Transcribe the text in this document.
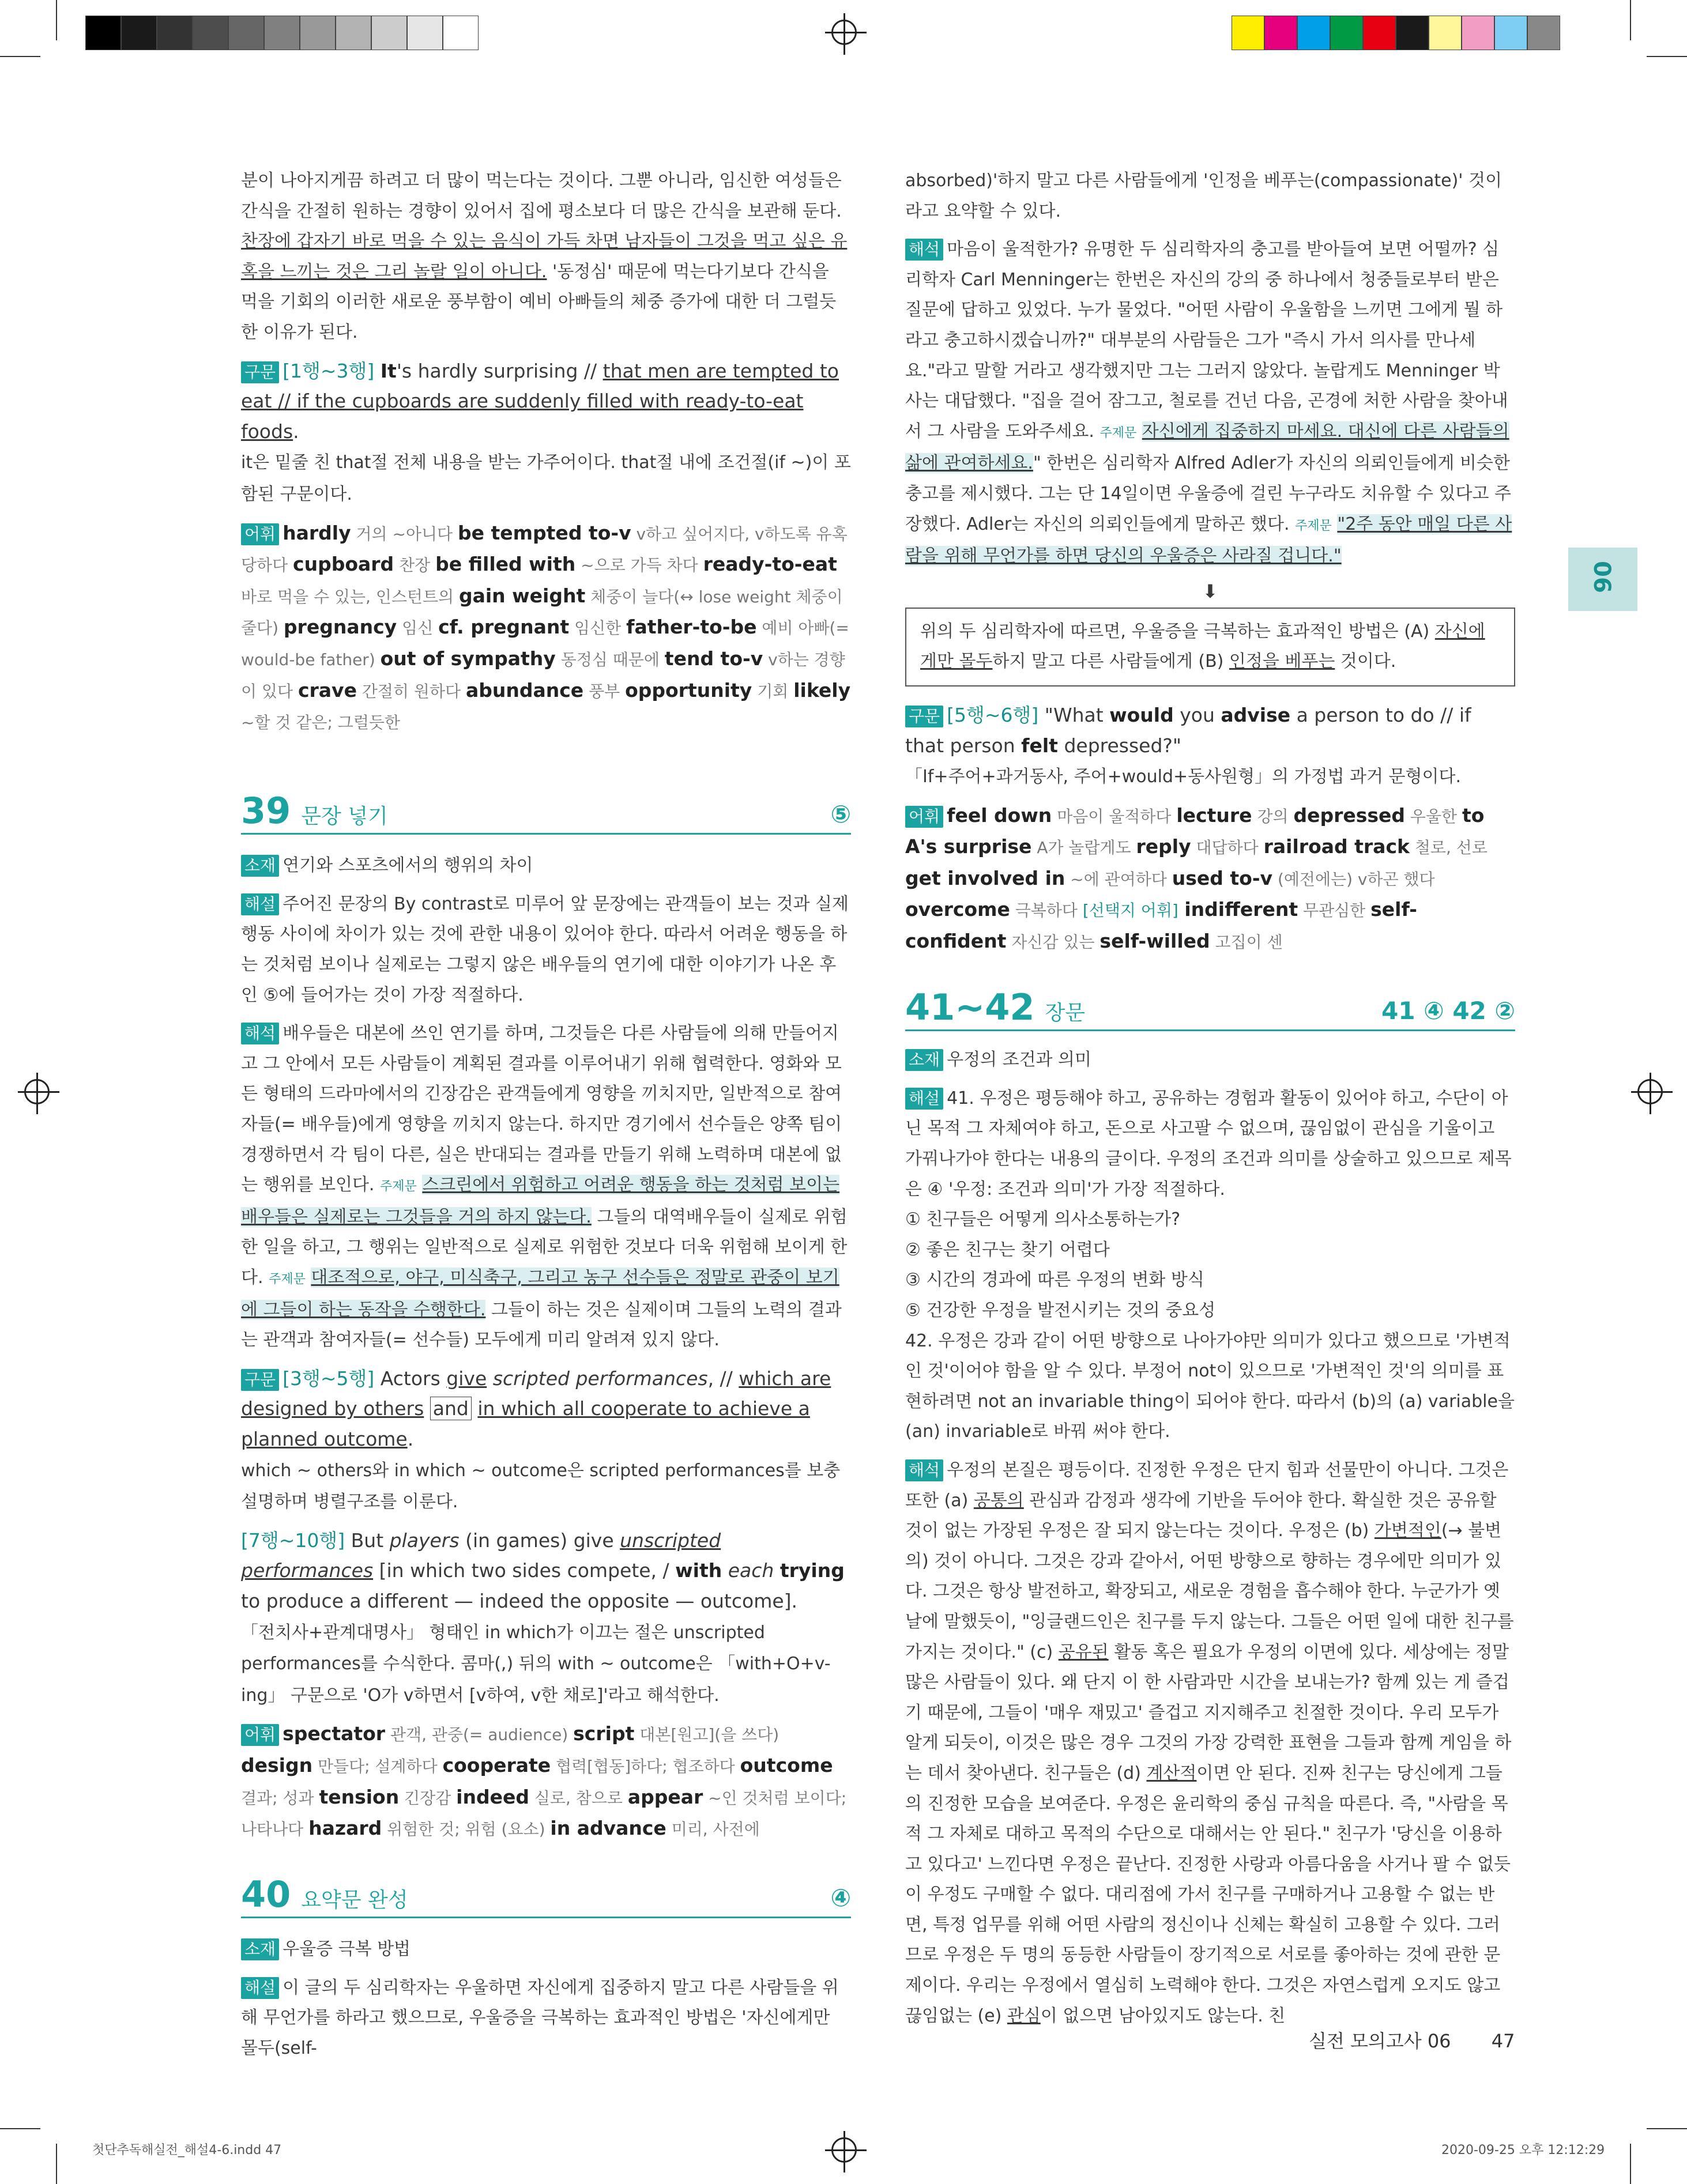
06

분이 나아지게끔 하려고 더 많이 먹는다는 것이다. 그뿐 아니라, 임신한 여성들은 간식을 간절히 원하는 경향이 있어서 집에 평소보다 더 많은 간식을 보관해 둔다. 찬장에 갑자기 바로 먹을 수 있는 음식이 가득 차면 남자들이 그것을 먹고 싶은 유혹을 느끼는 것은 그리 놀랄 일이 아니다. '동정심' 때문에 먹는다기보다 간식을 먹을 기회의 이러한 새로운 풍부함이 예비 아빠들의 체중 증가에 대한 더 그럴듯한 이유가 된다.

구문 [1행~3행] It's hardly surprising // that men are tempted to eat // if the cupboards are suddenly filled with ready-to-eat foods.
it은 밑줄 친 that절 전체 내용을 받는 가주어이다. that절 내에 조건절(if ~)이 포함된 구문이다.

어휘 hardly 거의 ~아니다 be tempted to-v v하고 싶어지다, v하도록 유혹당하다 cupboard 찬장 be filled with ~으로 가득 차다 ready-to-eat 바로 먹을 수 있는, 인스턴트의 gain weight 체중이 늘다(↔ lose weight 체중이 줄다) pregnancy 임신 cf. pregnant 임신한 father-to-be 예비 아빠(= would-be father) out of sympathy 동정심 때문에 tend to-v v하는 경향이 있다 crave 간절히 원하다 abundance 풍부 opportunity 기회 likely ~할 것 같은; 그럴듯한

39 문장 넣기	⑤

소재 연기와 스포츠에서의 행위의 차이

해설 주어진 문장의 By contrast로 미루어 앞 문장에는 관객들이 보는 것과 실제 행동 사이에 차이가 있는 것에 관한 내용이 있어야 한다. 따라서 어려운 행동을 하는 것처럼 보이나 실제로는 그렇지 않은 배우들의 연기에 대한 이야기가 나온 후인 ⑤에 들어가는 것이 가장 적절하다.

해석 배우들은 대본에 쓰인 연기를 하며, 그것들은 다른 사람들에 의해 만들어지고 그 안에서 모든 사람들이 계획된 결과를 이루어내기 위해 협력한다. 영화와 모든 형태의 드라마에서의 긴장감은 관객들에게 영향을 끼치지만, 일반적으로 참여자들(= 배우들)에게 영향을 끼치지 않는다. 하지만 경기에서 선수들은 양쪽 팀이 경쟁하면서 각 팀이 다른, 실은 반대되는 결과를 만들기 위해 노력하며 대본에 없는 행위를 보인다. 주제문 스크린에서 위험하고 어려운 행동을 하는 것처럼 보이는 배우들은 실제로는 그것들을 거의 하지 않는다. 그들의 대역배우들이 실제로 위험한 일을 하고, 그 행위는 일반적으로 실제로 위험한 것보다 더욱 위험해 보이게 한다. 주제문 대조적으로, 야구, 미식축구, 그리고 농구 선수들은 정말로 관중이 보기에 그들이 하는 동작을 수행한다. 그들이 하는 것은 실제이며 그들의 노력의 결과는 관객과 참여자들(= 선수들) 모두에게 미리 알려져 있지 않다.

구문 [3행~5행] Actors give scripted performances, // which are designed by others and in which all cooperate to achieve a planned outcome.
which ~ others와 in which ~ outcome은 scripted performances를 보충 설명하며 병렬구조를 이룬다.

[7행~10행] But players (in games) give unscripted performances [in which two sides compete, / with each trying to produce a different — indeed the opposite — outcome].
「전치사+관계대명사」 형태인 in which가 이끄는 절은 unscripted performances를 수식한다. 콤마(,) 뒤의 with ~ outcome은 「with+O+v-ing」 구문으로 'O가 v하면서 [v하여, v한 채로]'라고 해석한다.

어휘 spectator 관객, 관중(= audience) script 대본[원고](을 쓰다) design 만들다; 설계하다 cooperate 협력[협동]하다; 협조하다 outcome 결과; 성과 tension 긴장감 indeed 실로, 참으로 appear ~인 것처럼 보이다; 나타나다 hazard 위험한 것; 위험 (요소) in advance 미리, 사전에

40 요약문 완성	④

소재 우울증 극복 방법

해설 이 글의 두 심리학자는 우울하면 자신에게 집중하지 말고 다른 사람들을 위해 무언가를 하라고 했으므로, 우울증을 극복하는 효과적인 방법은 '자신에게만 몰두(self-

absorbed)'하지 말고 다른 사람들에게 '인정을 베푸는(compassionate)' 것이라고 요약할 수 있다.

해석 마음이 울적한가? 유명한 두 심리학자의 충고를 받아들여 보면 어떨까? 심리학자 Carl Menninger는 한번은 자신의 강의 중 하나에서 청중들로부터 받은 질문에 답하고 있었다. 누가 물었다. "어떤 사람이 우울함을 느끼면 그에게 뭘 하라고 충고하시겠습니까?" 대부분의 사람들은 그가 "즉시 가서 의사를 만나세요."라고 말할 거라고 생각했지만 그는 그러지 않았다. 놀랍게도 Menninger 박사는 대답했다. "집을 걸어 잠그고, 철로를 건넌 다음, 곤경에 처한 사람을 찾아내서 그 사람을 도와주세요. 주제문 자신에게 집중하지 마세요. 대신에 다른 사람들의 삶에 관여하세요." 한번은 심리학자 Alfred Adler가 자신의 의뢰인들에게 비슷한 충고를 제시했다. 그는 단 14일이면 우울증에 걸린 누구라도 치유할 수 있다고 주장했다. Adler는 자신의 의뢰인들에게 말하곤 했다. 주제문 "2주 동안 매일 다른 사람을 위해 무언가를 하면 당신의 우울증은 사라질 겁니다."

⬇
위의 두 심리학자에 따르면, 우울증을 극복하는 효과적인 방법은 (A) 자신에게만 몰두하지 말고 다른 사람들에게 (B) 인정을 베푸는 것이다.

구문 [5행~6행] "What would you advise a person to do // if that person felt depressed?"
「If+주어+과거동사, 주어+would+동사원형」의 가정법 과거 문형이다.

어휘 feel down 마음이 울적하다 lecture 강의 depressed 우울한 to A's surprise A가 놀랍게도 reply 대답하다 railroad track 철로, 선로 get involved in ~에 관여하다 used to-v (예전에는) v하곤 했다 overcome 극복하다 [선택지 어휘] indifferent 무관심한 self-confident 자신감 있는 self-willed 고집이 센

41~42 장문	41 ④ 42 ②

소재 우정의 조건과 의미

해설 41. 우정은 평등해야 하고, 공유하는 경험과 활동이 있어야 하고, 수단이 아닌 목적 그 자체여야 하고, 돈으로 사고팔 수 없으며, 끊임없이 관심을 기울이고 가꿔나가야 한다는 내용의 글이다. 우정의 조건과 의미를 상술하고 있으므로 제목은 ④ '우정: 조건과 의미'가 가장 적절하다.

① 친구들은 어떻게 의사소통하는가?
② 좋은 친구는 찾기 어렵다
③ 시간의 경과에 따른 우정의 변화 방식
⑤ 건강한 우정을 발전시키는 것의 중요성

42. 우정은 강과 같이 어떤 방향으로 나아가야만 의미가 있다고 했으므로 '가변적인 것'이어야 함을 알 수 있다. 부정어 not이 있으므로 '가변적인 것'의 의미를 표현하려면 not an invariable thing이 되어야 한다. 따라서 (b)의 (a) variable을 (an) invariable로 바꿔 써야 한다.

해석 우정의 본질은 평등이다. 진정한 우정은 단지 힘과 선물만이 아니다. 그것은 또한 (a) 공통의 관심과 감정과 생각에 기반을 두어야 한다. 확실한 것은 공유할 것이 없는 가장된 우정은 잘 되지 않는다는 것이다. 우정은 (b) 가변적인(→ 불변의) 것이 아니다. 그것은 강과 같아서, 어떤 방향으로 향하는 경우에만 의미가 있다. 그것은 항상 발전하고, 확장되고, 새로운 경험을 흡수해야 한다. 누군가가 옛날에 말했듯이, "잉글랜드인은 친구를 두지 않는다. 그들은 어떤 일에 대한 친구를 가지는 것이다." (c) 공유된 활동 혹은 필요가 우정의 이면에 있다. 세상에는 정말 많은 사람들이 있다. 왜 단지 이 한 사람과만 시간을 보내는가? 함께 있는 게 즐겁기 때문에, 그들이 '매우 재밌고' 즐겁고 지지해주고 친절한 것이다. 우리 모두가 알게 되듯이, 이것은 많은 경우 그것의 가장 강력한 표현을 그들과 함께 게임을 하는 데서 찾아낸다. 친구들은 (d) 계산적이면 안 된다. 진짜 친구는 당신에게 그들의 진정한 모습을 보여준다. 우정은 윤리학의 중심 규칙을 따른다. 즉, "사람을 목적 그 자체로 대하고 목적의 수단으로 대해서는 안 된다." 친구가 '당신을 이용하고 있다고' 느낀다면 우정은 끝난다. 진정한 사랑과 아름다움을 사거나 팔 수 없듯이 우정도 구매할 수 없다. 대리점에 가서 친구를 구매하거나 고용할 수 없는 반면, 특정 업무를 위해 어떤 사람의 정신이나 신체는 확실히 고용할 수 있다. 그러므로 우정은 두 명의 동등한 사람들이 장기적으로 서로를 좋아하는 것에 관한 문제이다. 우리는 우정에서 열심히 노력해야 한다. 그것은 자연스럽게 오지도 않고 끊임없는 (e) 관심이 없으면 남아있지도 않는다. 친

실전 모의고사 06 47
첫단추독해실전_해설4-6.indd 47	2020-09-25 오후 12:12:29
